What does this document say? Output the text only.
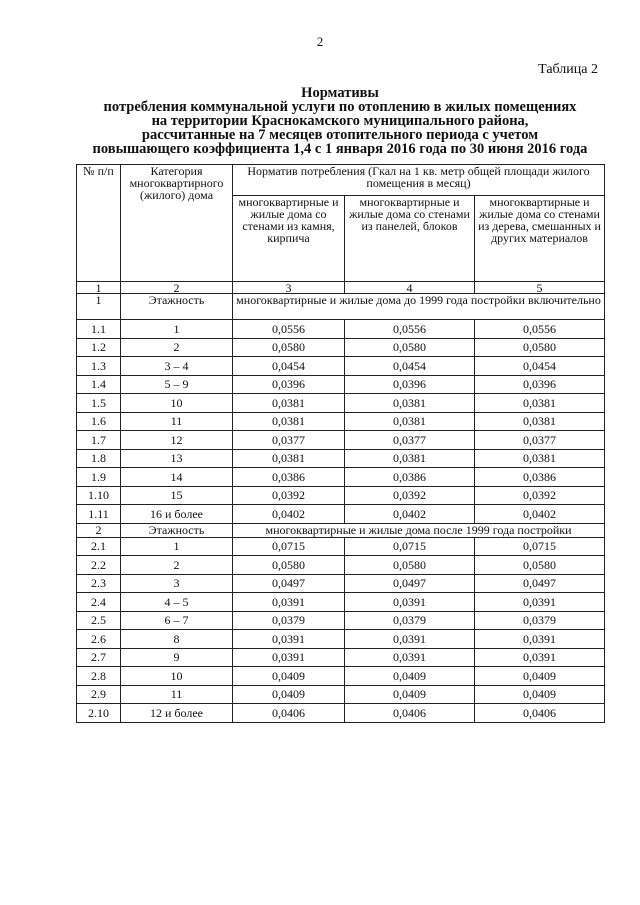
2
Таблица 2
Нормативы
потребления коммунальной услуги по отоплению в жилых помещениях
на территории Краснокамского муниципального района,
рассчитанные на 7 месяцев отопительного периода с учетом
повышающего коэффициента 1,4 с 1 января 2016 года по 30 июня 2016 года
№ п/п	Категория многоквартирного (жилого) дома	Норматив потребления (Гкал на 1 кв. метр общей площади жилого помещения в месяц)		
		многоквартирные и жилые дома со стенами из камня, кирпича	многоквартирные и жилые дома со стенами из панелей, блоков	многоквартирные и жилые дома со стенами из дерева, смешанных и других материалов
1	2	3	4	5
1	Этажность	многоквартирные и жилые дома до 1999 года постройки включительно		
1.1	1	0,0556	0,0556	0,0556
1.2	2	0,0580	0,0580	0,0580
1.3	3 – 4	0,0454	0,0454	0,0454
1.4	5 – 9	0,0396	0,0396	0,0396
1.5	10	0,0381	0,0381	0,0381
1.6	11	0,0381	0,0381	0,0381
1.7	12	0,0377	0,0377	0,0377
1.8	13	0,0381	0,0381	0,0381
1.9	14	0,0386	0,0386	0,0386
1.10	15	0,0392	0,0392	0,0392
1.11	16 и более	0,0402	0,0402	0,0402
2	Этажность	многоквартирные и жилые дома после 1999 года постройки		
2.1	1	0,0715	0,0715	0,0715
2.2	2	0,0580	0,0580	0,0580
2.3	3	0,0497	0,0497	0,0497
2.4	4 – 5	0,0391	0,0391	0,0391
2.5	6 – 7	0,0379	0,0379	0,0379
2.6	8	0,0391	0,0391	0,0391
2.7	9	0,0391	0,0391	0,0391
2.8	10	0,0409	0,0409	0,0409
2.9	11	0,0409	0,0409	0,0409
2.10	12 и более	0,0406	0,0406	0,0406
